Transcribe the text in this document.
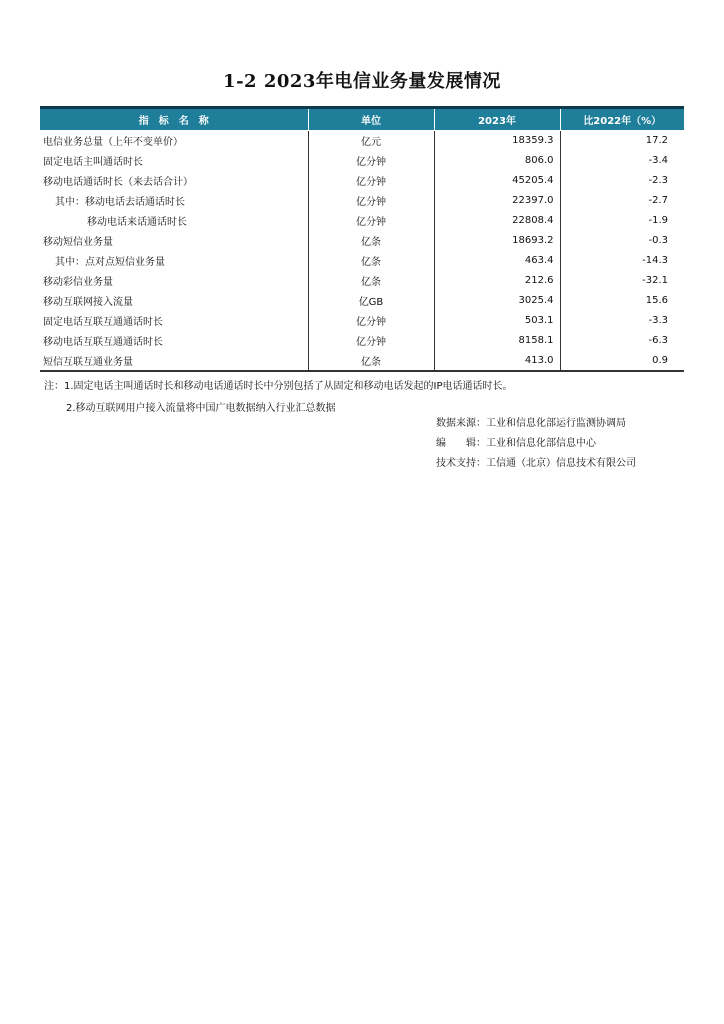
1-2 2023年电信业务量发展情况
指　标　名　称	单位	2023年	比2022年（%）
电信业务总量（上年不变单价）	亿元	18359.3	17.2
固定电话主叫通话时长	亿分钟	806.0	-3.4
移动电话通话时长（来去话合计）	亿分钟	45205.4	-2.3
其中：移动电话去话通话时长	亿分钟	22397.0	-2.7
移动电话来话通话时长	亿分钟	22808.4	-1.9
移动短信业务量	亿条	18693.2	-0.3
其中：点对点短信业务量	亿条	463.4	-14.3
移动彩信业务量	亿条	212.6	-32.1
移动互联网接入流量	亿GB	3025.4	15.6
固定电话互联互通通话时长	亿分钟	503.1	-3.3
移动电话互联互通通话时长	亿分钟	8158.1	-6.3
短信互联互通业务量	亿条	413.0	0.9
注：1.固定电话主叫通话时长和移动电话通话时长中分别包括了从固定和移动电话发起的IP电话通话时长。
2.移动互联网用户接入流量将中国广电数据纳入行业汇总数据
数据来源：工业和信息化部运行监测协调局
编　　辑：工业和信息化部信息中心
技术支持：工信通（北京）信息技术有限公司
